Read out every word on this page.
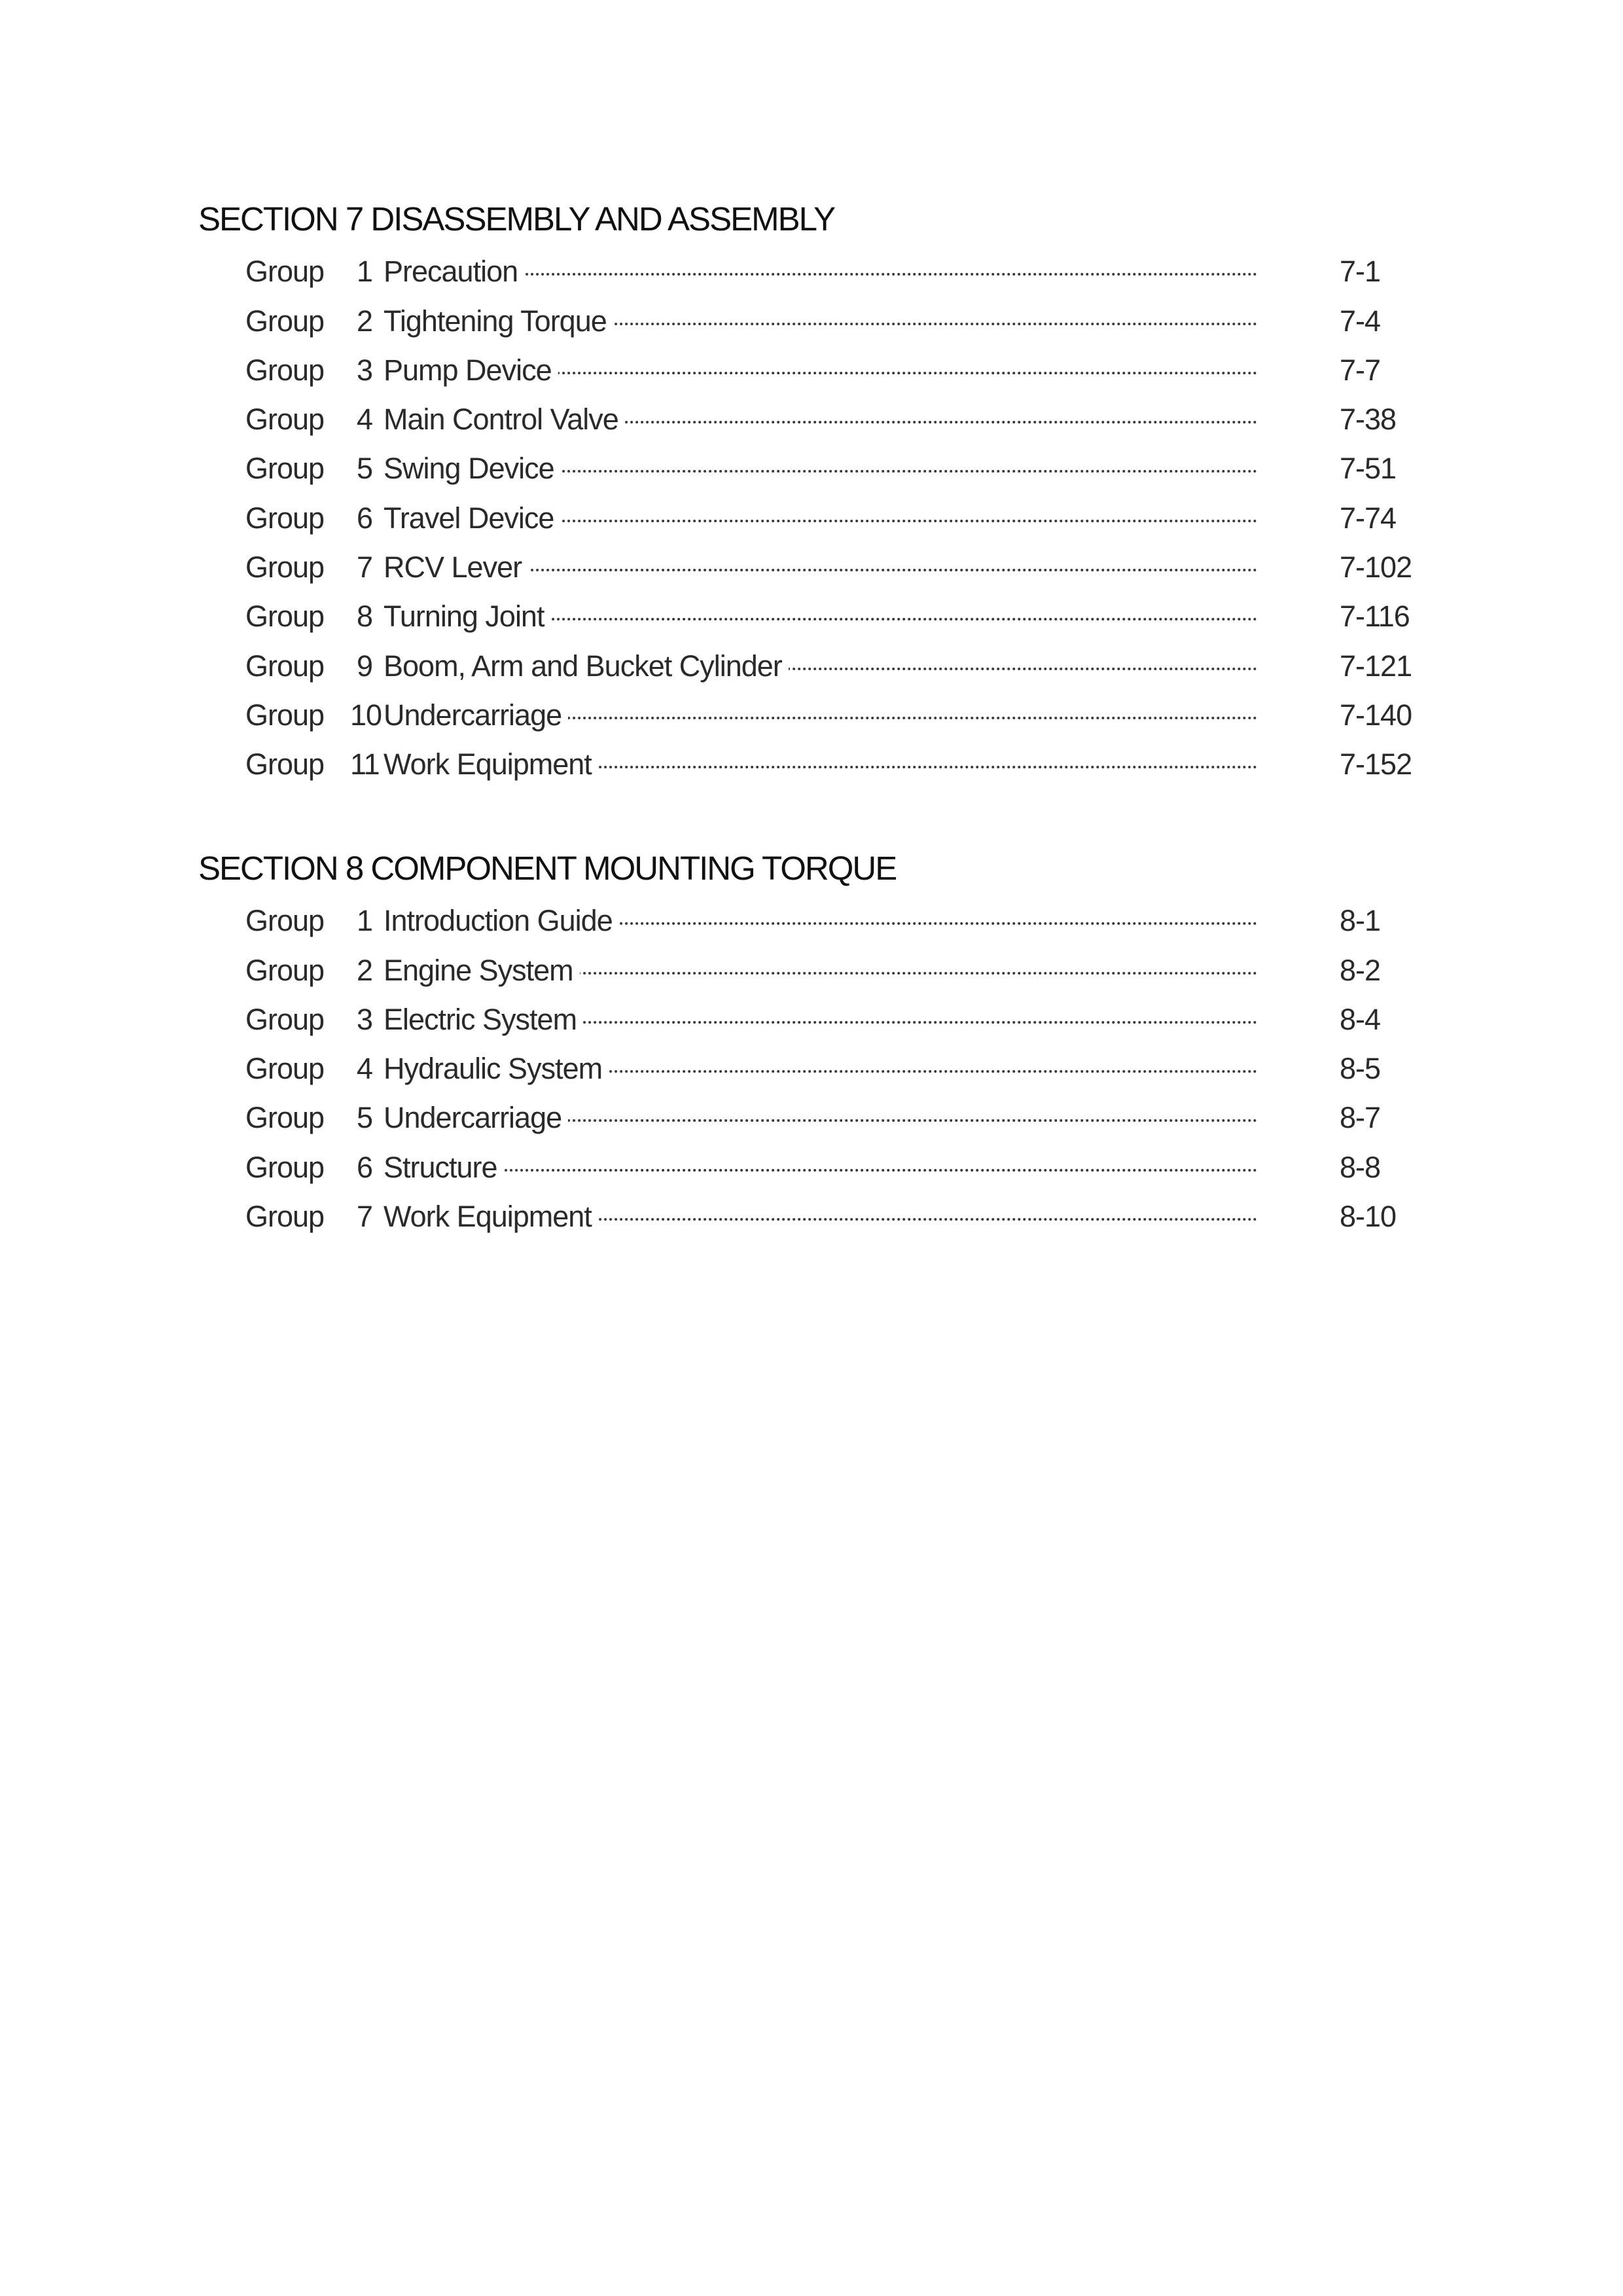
SECTION 7 DISASSEMBLY AND ASSEMBLY
Group 1 Precaution	7-1
Group 2 Tightening Torque	7-4
Group 3 Pump Device	7-7
Group 4 Main Control Valve	7-38
Group 5 Swing Device	7-51
Group 6 Travel Device	7-74
Group 7 RCV Lever	7-102
Group 8 Turning Joint	7-116
Group 9 Boom, Arm and Bucket Cylinder	7-121
Group 10 Undercarriage	7-140
Group 11 Work Equipment	7-152
SECTION 8 COMPONENT MOUNTING TORQUE
Group 1 Introduction Guide	8-1
Group 2 Engine System	8-2
Group 3 Electric System	8-4
Group 4 Hydraulic System	8-5
Group 5 Undercarriage	8-7
Group 6 Structure	8-8
Group 7 Work Equipment	8-10
